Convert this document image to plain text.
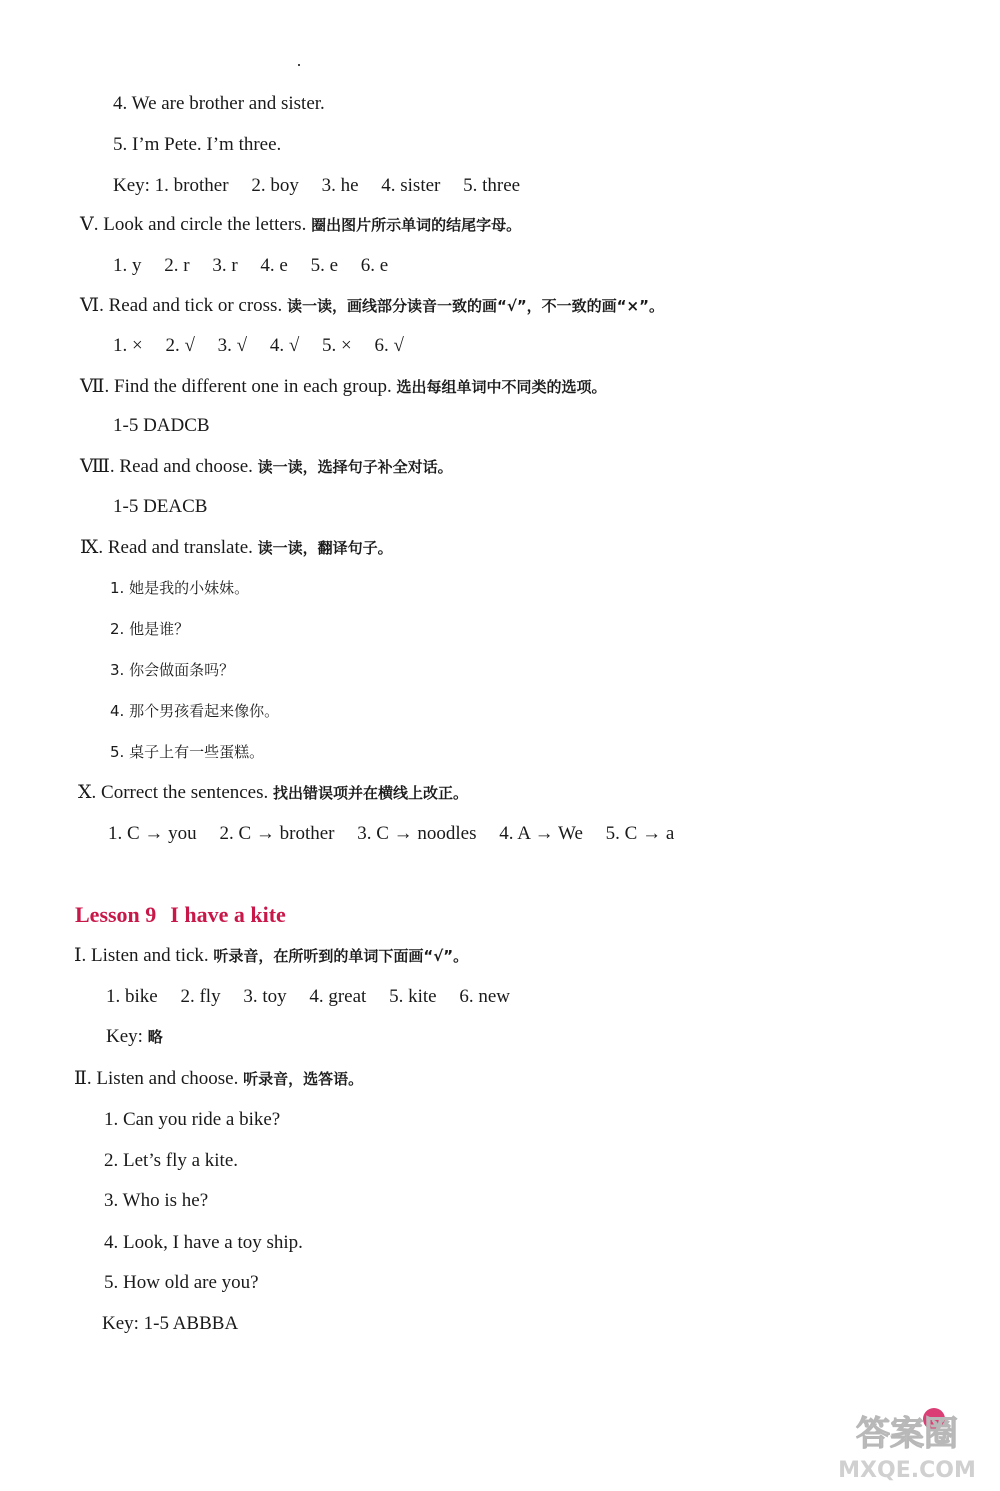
4. We are brother and sister.
5. I’m Pete. I’m three.
Key: 1. brother 2. boy 3. he 4. sister 5. three
Ⅴ. Look and circle the letters. 圈出图片所示单词的结尾字母。
1. y 2. r 3. r 4. e 5. e 6. e
Ⅵ. Read and tick or cross. 读一读，画线部分读音一致的画“√”，不一致的画“×”。
1. × 2. √ 3. √ 4. √ 5. × 6. √
Ⅶ. Find the different one in each group. 选出每组单词中不同类的选项。
1-5 DADCB
Ⅷ. Read and choose. 读一读，选择句子补全对话。
1-5 DEACB
Ⅸ. Read and translate. 读一读，翻译句子。
1. 她是我的小妹妹。
2. 他是谁？
3. 你会做面条吗？
4. 那个男孩看起来像你。
5. 桌子上有一些蛋糕。
Ⅹ. Correct the sentences. 找出错误项并在横线上改正。
1. C → you 2. C → brother 3. C → noodles 4. A → We 5. C → a
Lesson 9 I have a kite
Ⅰ. Listen and tick. 听录音，在所听到的单词下面画“√”。
1. bike 2. fly 3. toy 4. great 5. kite 6. new
Key: 略
Ⅱ. Listen and choose. 听录音，选答语。
1. Can you ride a bike?
2. Let’s fly a kite.
3. Who is he?
4. Look, I have a toy ship.
5. How old are you?
Key: 1-5 ABBBA
答案圈
MXQE.COM
